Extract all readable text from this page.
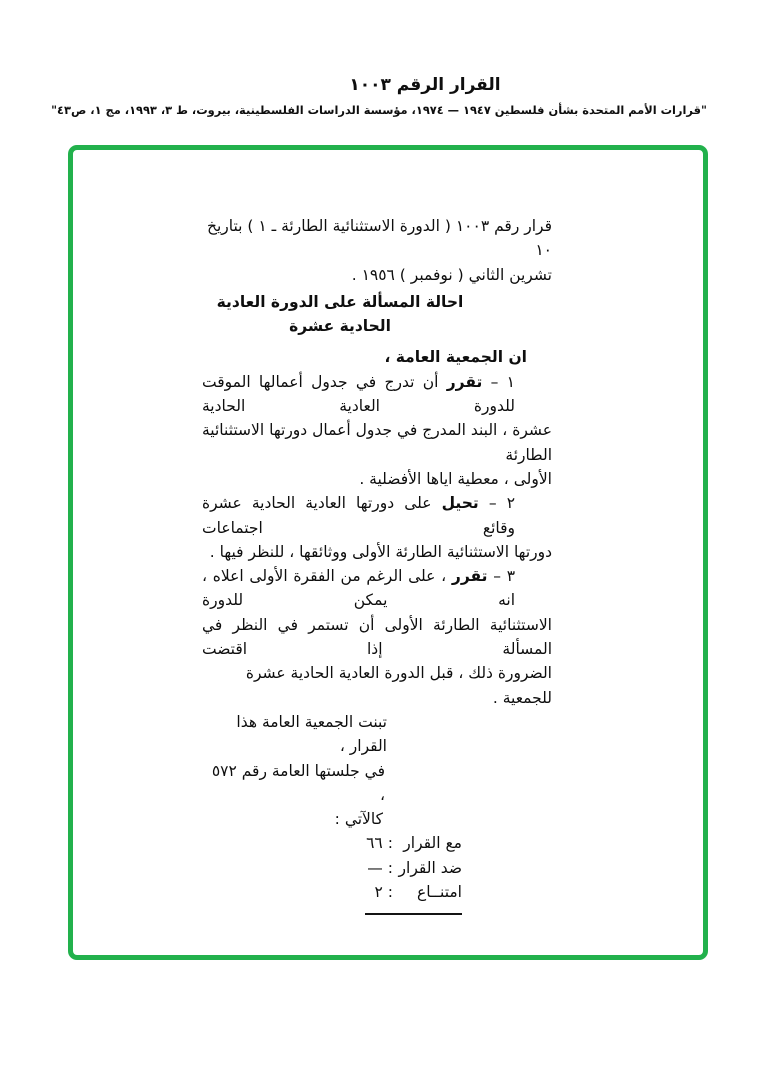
القرار الرقم ١٠٠٣
"قرارات الأمم المتحدة بشأن فلسطين ١٩٤٧ — ١٩٧٤، مؤسسة الدراسات الفلسطينية، بيروت، ط ٣، ١٩٩٣، مج ١، ص٤٣"
قرار رقم ١٠٠٣ ( الدورة الاستثنائية الطارئة ـ ١ ) بتاريخ ١٠
تشرين الثاني ( نوفمبر ) ١٩٥٦ .
احالة المسألة على الدورة العادية
الحادية عشرة
ان الجمعية العامة ،
١ – تقرر أن تدرج في جدول أعمالها الموقت للدورة العادية الحادية
عشرة ، البند المدرج في جدول أعمال دورتها الاستثنائية الطارئة
الأولى ، معطية اياها الأفضلية .
٢ – تحيل على دورتها العادية الحادية عشرة وقائع اجتماعات
دورتها الاستثنائية الطارئة الأولى ووثائقها ، للنظر فيها .
٣ – تقرر ، على الرغم من الفقرة الأولى اعلاه ، انه يمكن للدورة
الاستثنائية الطارئة الأولى أن تستمر في النظر في المسألة إذا اقتضت
الضرورة ذلك ، قبل الدورة العادية الحادية عشرة للجمعية .
تبنت الجمعية العامة هذا القرار ،
في جلستها العامة رقم ٥٧٢ ،
كالآتي :
مع القرار
:
٦٦
ضد القرار
:
—
امتنــاع
:
٢
